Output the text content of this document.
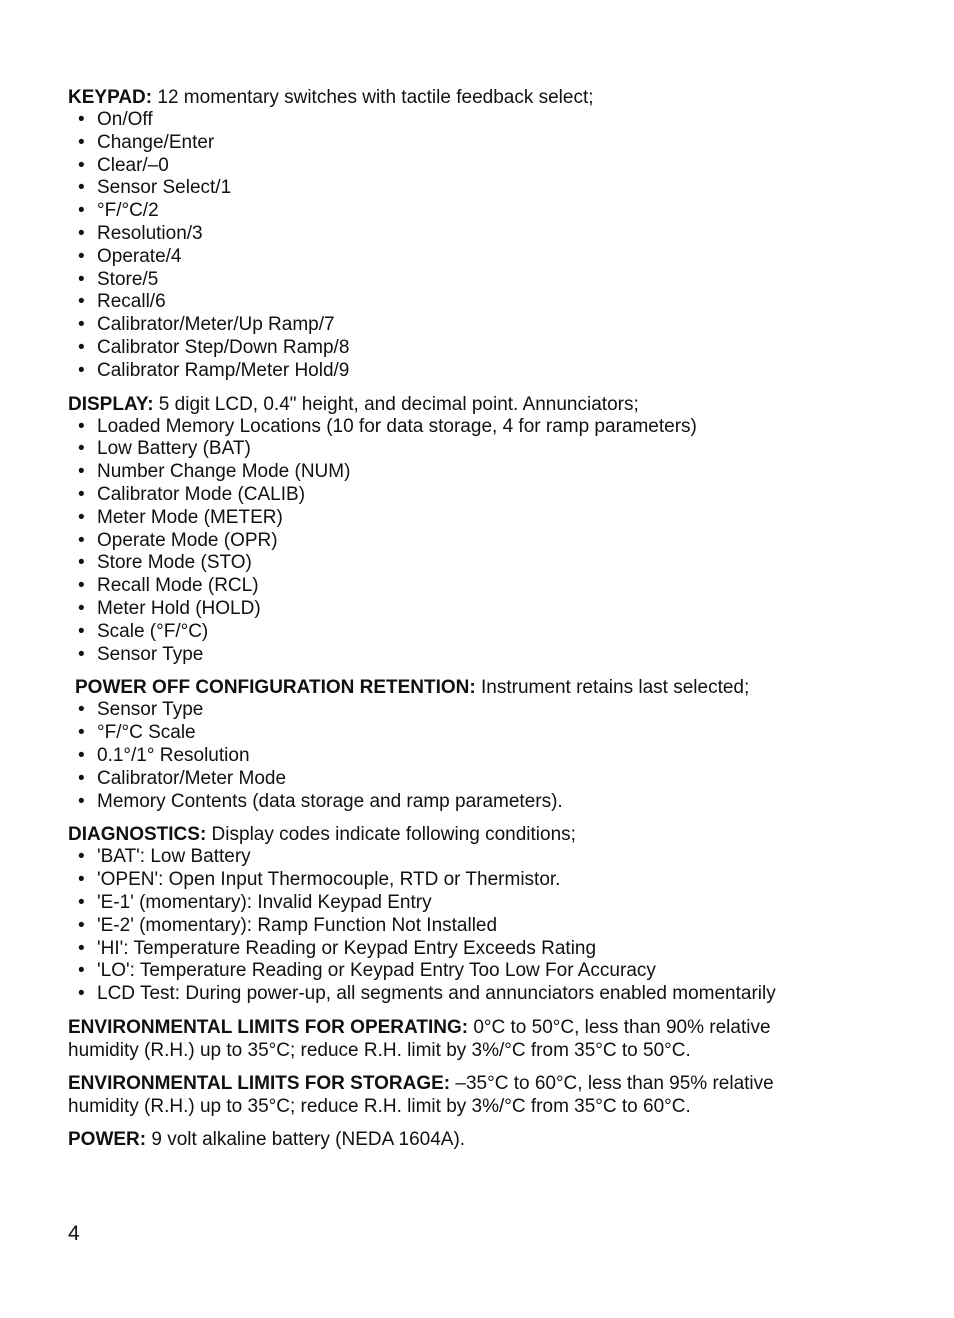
KEYPAD: 12 momentary switches with tactile feedback select;

• On/Off
• Change/Enter
• Clear/–0
• Sensor Select/1
• °F/°C/2
• Resolution/3
• Operate/4
• Store/5
• Recall/6
• Calibrator/Meter/Up Ramp/7
• Calibrator Step/Down Ramp/8
• Calibrator Ramp/Meter Hold/9

DISPLAY: 5 digit LCD, 0.4" height, and decimal point. Annunciators;

• Loaded Memory Locations (10 for data storage, 4 for ramp parameters)
• Low Battery (BAT)
• Number Change Mode (NUM)
• Calibrator Mode (CALIB)
• Meter Mode (METER)
• Operate Mode (OPR)
• Store Mode (STO)
• Recall Mode (RCL)
• Meter Hold (HOLD)
• Scale (°F/°C)
• Sensor Type

POWER OFF CONFIGURATION RETENTION: Instrument retains last selected;

• Sensor Type
• °F/°C Scale
• 0.1°/1° Resolution
• Calibrator/Meter Mode
• Memory Contents (data storage and ramp parameters).

DIAGNOSTICS: Display codes indicate following conditions;

• 'BAT': Low Battery
• 'OPEN': Open Input Thermocouple, RTD or Thermistor.
• 'E-1' (momentary): Invalid Keypad Entry
• 'E-2' (momentary): Ramp Function Not Installed
• 'HI': Temperature Reading or Keypad Entry Exceeds Rating
• 'LO': Temperature Reading or Keypad Entry Too Low For Accuracy
• LCD Test: During power-up, all segments and annunciators enabled momentarily

ENVIRONMENTAL LIMITS FOR OPERATING: 0°C to 50°C, less than 90% relative
humidity (R.H.) up to 35°C; reduce R.H. limit by 3%/°C from 35°C to 50°C.

ENVIRONMENTAL LIMITS FOR STORAGE: –35°C to 60°C, less than 95% relative
humidity (R.H.) up to 35°C; reduce R.H. limit by 3%/°C from 35°C to 60°C.

POWER: 9 volt alkaline battery (NEDA 1604A).

4
